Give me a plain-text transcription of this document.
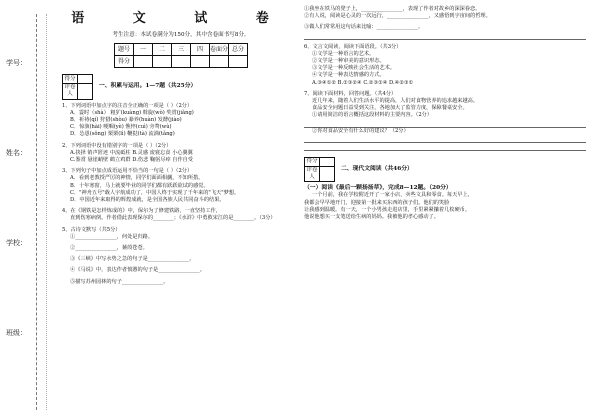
学号：
姓名：
学校：
班级：
语 文 试 卷
考生注意：本试卷满分为150分，其中含卷面书写8分。
题号	一	二	三	四	卷面分	总分
得分						
得分	
评卷人	
一、积累与运用。1—7题（共25分）

1、下列词语中加点字的注音全正确的一项是（ ）（2分）

A．霎时（shà） 粗犷(kuàng) 斡旋(wò) 奖赏(jiǎng)

B．祈祷(qí) 狩猎(shòu) 豢养(huàn) 发酵(jiào)

C．惊骇(hài) 哽咽(yè) 憔悴(cuì) 旁骛(wù)

D．怂恿(sǒng) 栗栗(lì) 鞭挞(tà) 流淌(tǎng)

2、下列词语中没有错别字的一项是（ ）（2分）

A.抉择 销声匿迹 中流砥柱 B.灵感 废寝忘食 小心翼翼

C.鉴赏 悬崖峭壁 鹤立鸡群 D.伤悲 鞠躬尽瘁 自作自受

3、下列句子中加点成语运用不恰当的一句是（ ）（2分）

A．看到老教授严厉的神情，同学们面面相觑，不知所措。

B．十年寒窗，马上就要毕业的同学们都有跃跃欲试的感觉。

C．"神舟五号"载人宇航成功了，中国人终于实现了千年来的"飞天"梦想。

D．中国近年来取得的辉煌成就，是全国各族人民共同奋斗的结果。

4、在《钢铁是怎样炼成的》中，保尔为了修建铁路，一直坚持工作，

直到伤寒病倒。作者借此表现保尔的________；《水浒》中勇救宋江的是________。（3分）

5、古诗文默写（共5分）

①________________，何处是归路。

②________________，蒹葭苍苍。

③《三峡》中写水势之急的句子是________________。

④《马说》中，表达作者愤懑的句子是________________。

⑤描写苏州园林的句子________________。

①我坐在铁马的凳子上，________________，表现了作者对故乡的深深眷恋。

②有人说，阅读是心灵的一次远行，________________，又感悟到宇宙间的哲理。

③做人们常常用这句话来比喻：________________。

6、文言文阅读，阅读下面语段。（共3分）

①文学是一种语言的艺术。

②文学是一种审美的意识形态。

③文学是一种反映社会生活的艺术。

④文学是一种表达情感的方式。

A.③④①② B.①③②④ C.②③①④ D.④②③①

7、阅读下面材料，回答问题。（共4分）

近几年来，随着人们生活水平的提高，人们对食物营养的追求越来越高。

食品安全问题日益受到关注，各地加大了监管力度，保障餐桌安全。

①请用简洁的语言概括这段材料的主要内容。（2分）

②你对食品安全有什么好的建议？（2分）

得分	
评卷人	
二、现代文阅读（共46分）

（一）阅读《最后一颗扬扬草》，完成8—12题。（20分）

一个月前，我在学校附近开了一家小店，卖些文具和零食。每天早上，

我都会早早地开门，迎接第一批来买东西的孩子们。他们的笑脸

让我感到温暖。有一天，一个小男孩走进店里，手里紧紧攥着几枚硬币。

他说他想买一支笔送给生病的妈妈。我被他的孝心感动了。
